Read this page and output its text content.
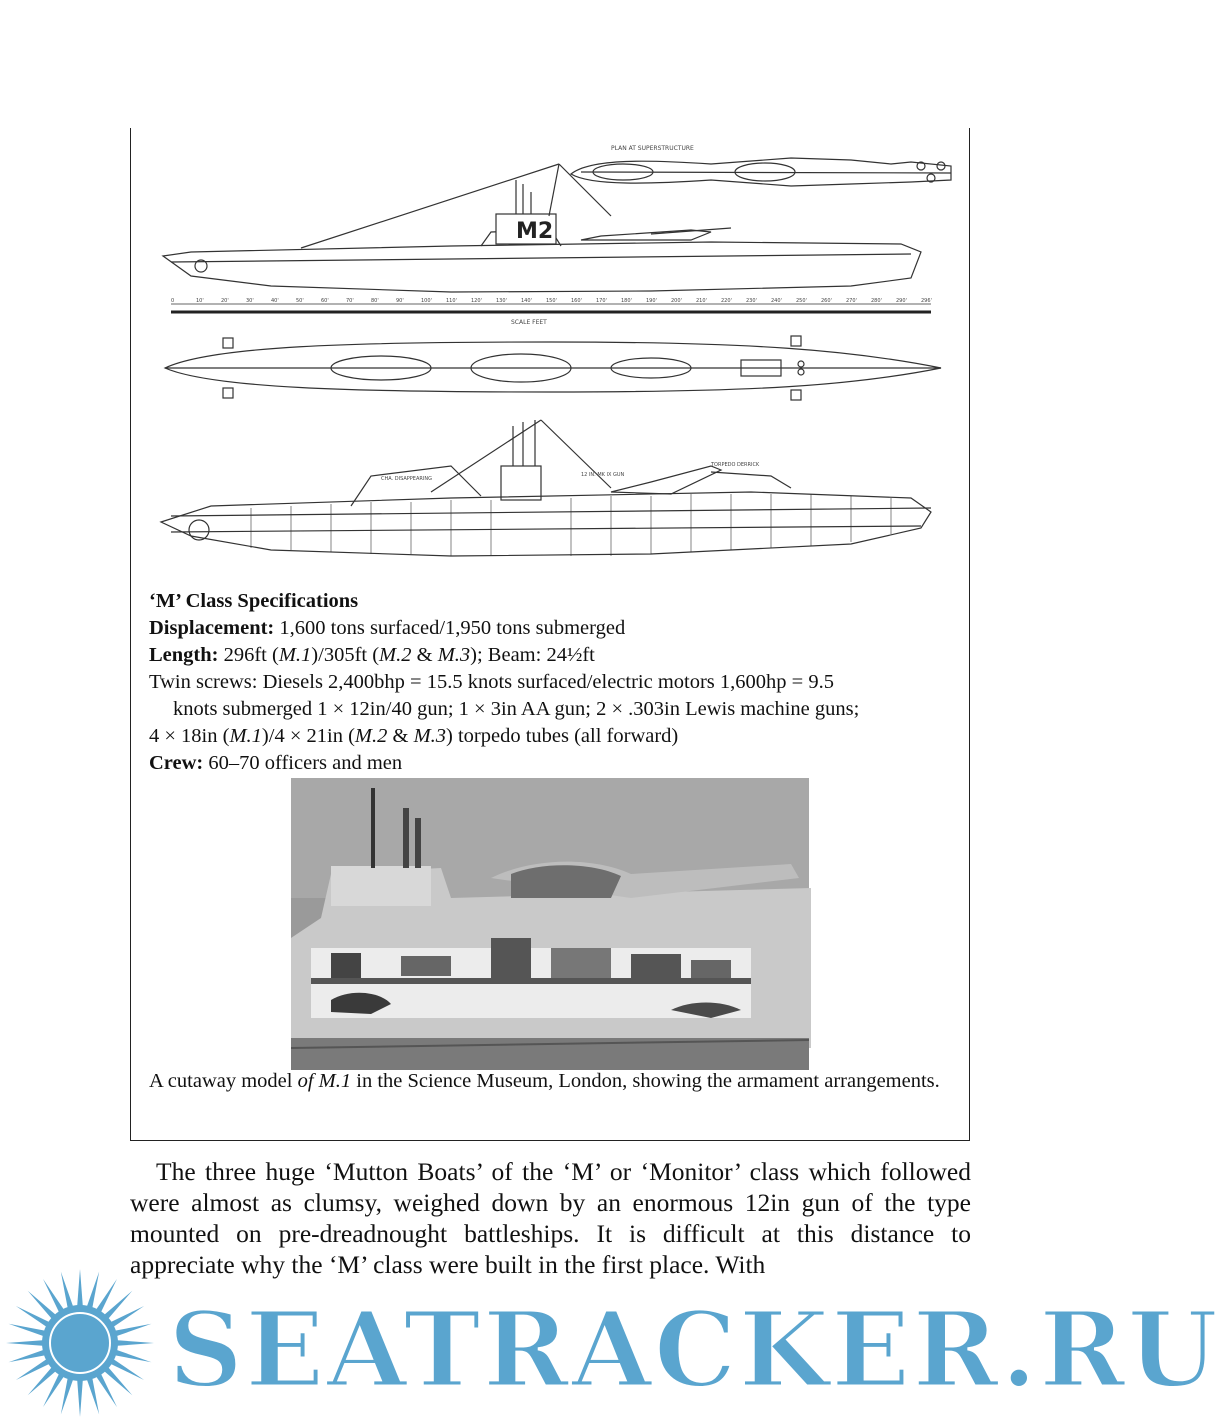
M2
PLAN AT SUPERSTRUCTURE
SCALE FEET
TORPEDO DERRICK
12 IN. MK IX GUN
CHA. DISAPPEARING
0	10'	20'	30'	40'	50'	60'	70'	80'	90'	100'	110'	120'	130'	140'	150'	160'	170'	180'	190'	200'	210'	220'	230'	240'	250'	260'	270'	280'	290'	296'
‘M’ Class Specifications
Displacement: 1,600 tons surfaced/1,950 tons submerged
Length: 296ft (M.1)/305ft (M.2 & M.3); Beam: 24½ft
Twin screws: Diesels 2,400bhp = 15.5 knots surfaced/electric motors 1,600hp = 9.5
knots submerged 1 × 12in/40 gun; 1 × 3in AA gun; 2 × .303in Lewis machine guns;
4 × 18in (M.1)/4 × 21in (M.2 & M.3) torpedo tubes (all forward)
Crew: 60–70 officers and men
A cutaway model of M.1 in the Science Museum, London, showing the armament arrangements.
The three huge ‘Mutton Boats’ of the ‘M’ or ‘Monitor’ class which followed were almost as clumsy, weighed down by an enormous 12in gun of the type mounted on pre-dreadnought battleships. It is difficult at this distance to appreciate why the ‘M’ class were built in the first place. With
SEATRACKER.RU
